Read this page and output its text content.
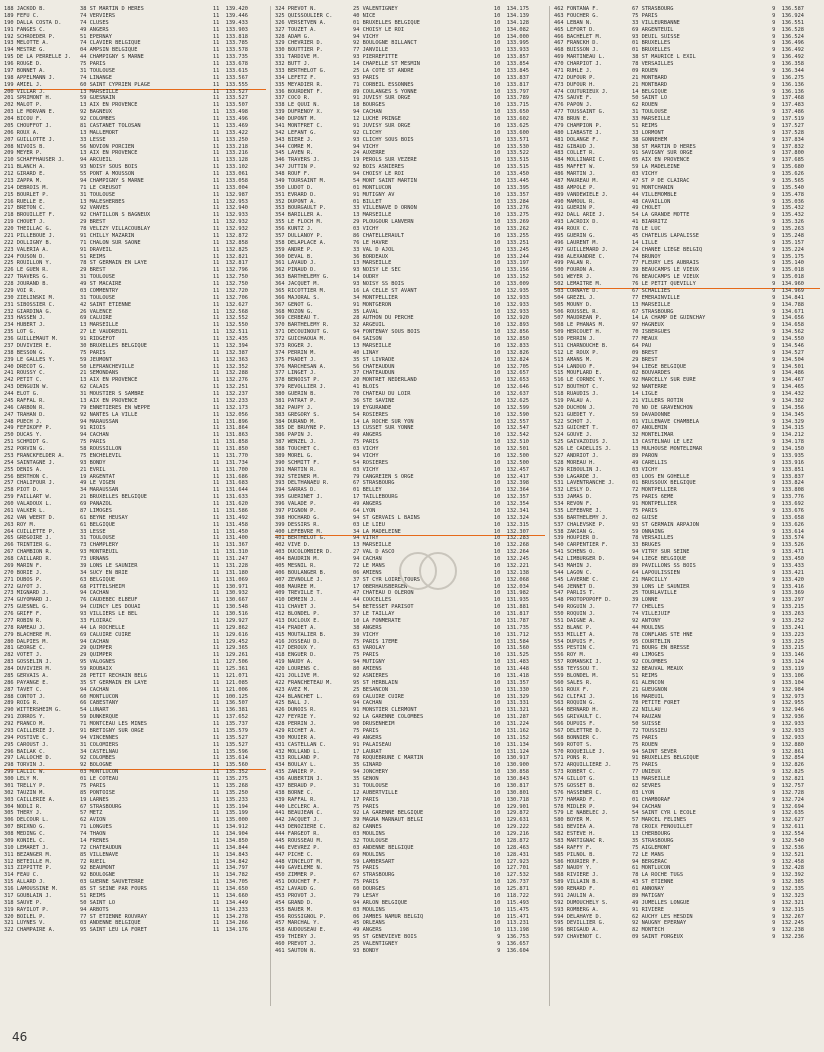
188 JACKOD B.	38 ST MARTIN D HERES	11  139.420
189 FEFU C.	74 VERVIERS	11  139.446
190 DALLA COSTA D.	74 CLUSES	11  139.433
191 FANGES C.	49 ANGERS	11  133.903
192 SCHROEDER P.	51 EPERNAY	11  133.818
193 MELOTTE A.	74 CLAVIER BELGIQUE	11  133.785
194 MESTRE G.	04 AMPSIN BELGIQUE	11  133.578
195 DE LA PERRELLE J. 44 CHAMPIGNY S MARNE	11  133.735
196 ROUGE D.	75 PARIS	11  133.678
197 BONNET A.	31 TOULOUSE	11  133.615
198 APPELMANN J.	74 LINANGE	11  133.567
199 AMIEL J.	60 SAINT CYPRIEN PLAGE	11  133.555
200 VILLAR J.	13 MARSEILLE	11  133.527
201 SPRIMONT H.	59 GUESNAIN	11  133.527
202 MALOT P.	13 AIX EN PROVENCE	11  133.507
203 LE MORVAN E.	92 BAGNEUX	11  133.498
204 BICOU F.	92 COLOMBES	11  133.496
205 CHOUFFOT J.	81 CASTANET TOLOSAN	11  133.469
206 ROUX A.	13 MALLEMORT	11  133.422
207 GUILLOTTE J.	33 LESSE	11  133.250
208 NIVOIS B.	56 NOVION PORCIEN	11  133.218
209 MEYER P.	13 AIX EN PROVENCE	11  133.216
210 SCHAFFHAUSER J.	94 ARCUEIL	11  133.128
211 BLANCH A.	93 NOISY SOUS BOIS	11  133.102
212 GIRARD E.	55 PONT A MOUSSON	11  133.061
213 ZAPPA M.	94 CHAMPIGNY S MARNE	11  133.058
214 DEBROIS M.	71 LE CREUSOT	11  133.004
215 BOURLET P.	31 TOULOUSE	11  132.987
216 RUELLE E.	13 MALESHERBES	11  132.953
217 BRETON C.	92 VANVES	11  132.940
218 BROUILLET F.	92 CHATILLON S BAGNEUX	11  132.933
219 CHOUET J.	29 BREST	11  132.932
220 THEILLAC G.	78 VELIZY VILLACOUBLAY	11  132.932
221 PILLEBOUE J.	91 CHILLY MAZARIN	11  132.872
222 DOLLIGNY B.	71 CHALON SUR SAONE	11  132.858
223 VALERIA A.	91 DRAVEIL	11  132.825
224 FOUSON D.	51 REIMS	11  132.821
225 ROUILLON Y.	78 ST GERMAIN EN LAYE	11  132.817
226 LE GUEN R.	29 BREST	11  132.796
227 TRAVERS G.	31 TOULOUSE	11  132.750
228 JOURAND B.	49 ST MACAIRE	11  132.750
229 VOI R.	03 COMMENTRY	11  132.720
230 ZIELINSKI M.	31 TOULOUSE	11  132.706
231 SIBOSSIER C.	42 SAINT ETIENNE	11  132.627
232 GIARDINA G.	26 VALENCE	11  132.568
233 HASSEN J.	69 CALUIRE	11  132.552
234 HUBERT J.	13 MARSEILLE	11  132.550
235 LOT G.	27 LE VAUDREUIL	11  132.511
236 GUILLEMAUT M.	91 RIDGEFOT	11  132.435
237 DUVIVIER E.	30 BRUXELLES BELGIQUE	11  132.394
238 BESSON G.	75 PARIS	11  132.387
239 LE GALLES Y.	59 JEUMONT	11  132.363
240 DRECOT G.	50 LEFRANCHEVILLE	11  132.352
241 ROUSSY C.	21 SEMONDANS	11  132.288
242 PETIT C.	13 AIX EN PROVENCE	11  132.276
243 DENGUIN W.	62 CALAIS	11  132.251
244 ELOT G.	31 MOUSTIER S SAMBRE	11  132.237
245 RAFFAL R.	13 AIX EN PROVENCE	11  132.233
246 CARBON R.	79 ENNETIERES EN WEPPE	11  132.173
247 TRAHAN D.	92 NANTES LA VILLE	11  132.056
248 PUECH J.	94 MARAUSSAN	11  131.896
249 FEFIKOFF P.	91 RIOIS	11  131.864
250 DUCAS Y.	94 CACHAN	11  131.863
251 SCHMIDT G.	75 PARIS	11  131.858
252 PORVIN G.	58 ROUSSILLON	11  131.850
253 FRANCKFELDER A.	75 ENCHELEVIL	11  131.770
254 SAINTAGNE J.	93 BONDY	11  131.734
255 DENIS A.	21 EVRIL	11  131.700
256 BERTHON C.	19 ARGENTAT	11  131.686
257 CHALIFOUR J.	49 LE VIGEN	11  131.683
258 PIOT D.	34 MARAUSSAN	11  131.644
259 FAILLART W.	21 BRUXELLES BELGIQUE	11  131.633
260 VALADOUX L.	69 PANAZOL	11  131.620
261 VALKER L.	87 LIMOGES	11  131.586
262 VAN WEERT D.	61 BEYNE HEUSAY	11  131.492
263 ROY M.	61 BELGIQUE	11  131.458
264 CUILLETTE P.	33 LESSE	11  131.450
265 GREGOIRE J.	31 TOULOUSE	11  131.400
266 TRINTIER G.	73 CHAMPLERY	11  131.367
267 CHAMBION R.	93 MONTREUIL	11  131.310
268 CAILLARD R.	73 URNANS	11  131.247
269 MARIN F.	39 LONS LE SAUNIER	11  131.228
270 BORIE J.	34 SUCY EN BRIE	11  131.180
271 DUBOS P.	63 BELGIQUE	11  131.069
272 GUYOT J.	68 PITTELSHEIM	11  130.971
273 MIGNARD J.	94 CACHAN	11  130.932
274 GUYOMARD J.	76 CAUDEBEC ELBEUF	11  130.667
275 GUESNEL G.	94 CUINCY LES DOUAI	11  130.548
276 GRIFF F.	93 VILLIERS LE BEL	11  130.516
277 ROBIN R.	33 FLOIRAC	11  129.927
278 RAMEAU J.	44 LA ROCHELLE	11  129.862
279 BLACHERE M.	69 CALUIRE CUIRE	11  129.616
280 DALPIES M.	94 CACHAN	11  129.452
281 GEORGE C.	29 QUIMPER	11  129.365
282 VOTET J.	29 QUIMPER	11  129.261
283 GOSSELIN J.	95 VALOGNES	11  127.506
284 DUVIVIER M.	59 ROUBAIX	11  125.361
285 GERVAIS A.	28 PETIT RECHAIN BELG	11  121.071
286 PAYANGE E.	35 ST GERMAIN EN LAYE	11  121.085
287 TAVET C.	94 CACHAN	11  121.006
288 CONTOT J.	60 MONTLUCON	11  100.125
289 ROIG R.	66 CABESTANY	11  136.507
290 WITTERSHEIM G.	54 LUNART	11  136.381
291 ZORROS Y.	59 DUNKERQUE	11  137.652
292 FRANCO M.	71 MONTCEAU LES MINES	11  135.737
293 CAILLERIE J.	91 BRETIGNY SUR ORGE	11  135.579
294 POSTIVE C.	94 VINCENNES	11  135.527
295 CAROUST J.	31 COLOMIERS	11  135.527
296 BAILAK C.	34 CASTELNAU	11  135.596
297 LALLOCHE D.	92 COLOMBES	11  135.614
298 TORVIN J.	92 BOLOGNE	11  135.560
299 LALLIC W.	03 MONTLUCON	11  135.352
300 LELY M.	01 LE COTEAU	11  135.275
301 TRELLY P.	75 PARIS	11  135.268
302 TAUZIN M.	85 PONTOISE	11  135.250
303 CAILLERIE A.	19 LARNES	11  135.233
304 NODLI R.	67 STRASBOURG	11  135.194
305 THERY J.	57 METZ	11  135.199
306 DELCOUR L.	62 AVION	11  135.000
307 BRIXNO G.	71 LONGUES	11  134.912
308 MEDING C.	74 THAON	11  134.904
309 KONIEL C.	14 FRENES	11  134.850
310 LEMARET J.	72 CHATEAUDUN	11  134.844
311 BEZANGER M.	85 VILLENAVE	11  134.843
312 BETEILLE M.	72 RUEIL	11  134.842
313 ZIPPITTE P.	92 BEAUMONT	11  134.797
314 FEAU C.	92 BOULOGNE	11  134.782
315 ALLARD J.	03 GUERNE SAUVETERRE	11  134.705
316 LAMOUSSINE M.	85 ST SEINE PAR FOURS	11  134.650
317 GOUBLAIN J.	51 REIMS	11  134.660
318 SAUVE P.	50 SAINT LO	11  134.449
319 RAYILOT P.	94 ARBOTS	11  134.233
320 BOILEL P.	77 ST ETIENNE ROUVRAY	11  134.278
321 LUYNES V.	03 ANDENNE BELGIQUE	11  134.266
322 CHAMPAIRE A.	95 SAINT LEU LA FORET	11  134.176
324 PREVOT N.	25 VALENTIGNEY	10  134.175
325 QUISSOULIER C.	40 NICE	10  134.139
326 VERSETVEN A.	01 BRUXELLES BELGIQUE	10  134.128
327 TOUZET A.	94 CHOISY LE ROI	10  134.082
328 ADAM G.	94 VICHY	10  134.000
329 CHEVRIER D.	92 BOULOGNE BILLANCT	10  133.995
330 BOUTTIER P.	77 JANVILLE	10  133.933
331 TARDIVE M.	93 PIERREFITTE	10  133.857
332 BUTT J.	14 CHAPELLE ST MESMIN	10  133.854
333 BERTHELOT G.	25 LA COTE ST ANDRE	10  133.845
334 LEFETZ F.	93 PARIS	10  133.837
335 MEYADIER R.	71 CORBEIL ESSONNES	10  133.817
336 BOURDENT F.	89 COULANGES S YONNE	10  133.797
337 COCO R.	91 JUVISY SUR ORGE	10  133.789
338 LE QUUI N.	18 BOURGES	10  133.715
339 DUFRENOY X.	94 CACHAN	10  133.650
340 DUPONT M.	12 LUCHE PRINGE	10  133.602
341 MONTFRET C.	91 JUVISY SUR ORGE	10  133.625
342 LEFANT G.	92 CLICHY	10  133.600
343 BIERE J.	93 CLICHY SOUS BOIS	10  133.571
344 COMRE M.	94 VICHY	10  133.530
345 LAVEN R.	24 AUXERRE	10  133.522
346 TRAVERS J.	19 PEROLS SUR VEZERE	10  133.515
347 JUTTIN P.	92 BOIS ASNIERES	10  133.515
348 ROUF F.	94 CHOISY LE ROI	10  133.450
349 TOURSAINT M.	54 MONT SAINT MARTIN	10  133.445
350 LUDOT D.	01 MONTLUCON	10  133.395
351 EVRARD D.	91 MUTIGNY AV	10  133.357
352 DUPONT A.	01 BILLET	10  133.284
353 BOURGAULT P.	33 VILLENAVE D ORNON	10  133.276
354 BARILLER A.	13 MARSEILLE	10  133.275
355 LE FLOCH M.	29 PLOUGOUR LANVERN	10  133.269
356 KUNTZ J.	03 VICHY	10  133.262
357 DULLANOY P.	86 CHATELLERAULT	10  133.255
358 DELAPLACE A.	76 LE HAVRE	10  133.251
359 ANDRE P.	33 VAL D AJOL	10  133.245
360 DEVAL B.	36 BORDEAUX	10  133.244
361 LAVAUD J.	13 MARSEILLE	10  133.197
362 PINAUD D.	93 NOISY LE SEC	10  133.156
363 BARTHELEMY G.	14 OUDRY	10  133.152
364 JACQUET M.	93 NOISY SS BOIS	10  133.009
365 RICOTTIER M.	16 LA CELLE ST AVANT	10  132.935
366 MAJORAL S.	34 MONTPELLIER	10  132.933
367 GENOT G.	91 MONTGERON	10  132.933
368 MOZON G.	35 LAVAL	10  132.933
369 CERBEAU T.	28 AUTHON DU PERCHE	10  132.920
370 BARTHELEMY R.	32 ARGEUIL	10  132.893
371 DECOUINOUT G.	94 FONTENAY SOUS BOIS	10  132.856
372 GUICHAOUA M.	04 SAISON	10  132.850
373 ROGER J.	13 MARSEILLE	10  132.833
374 PERRIN M.	40 LINAY	10  132.826
375 FRADET J.	35 ST LIVRADE	10  132.824
376 MARCHESAN A.	56 CHATEAUDUN	10  132.705
377 LINGET J.	37 CHATEAUDUN	10  132.657
378 BENOIST P.	20 MONTRET NEDERLAND	10  132.653
379 REVOLLIER J.	41 BLOIS	10  132.646
380 GUERIN B.	70 CHATEAU DU LOIR	10  132.637
381 PATRAT P.	36 STE SAVINE	10  132.625
382 PAUPY J.	19 EYGURANDE	10  132.599
383 GREGORY S.	54 ROSIERES	10  132.590
384 DURAND M.	14 LA ROCHE SUR YON	10  132.557
385 DE BRUYNE P.	13 CUSSET SUR YONNE	10  132.547
386 PAPIN J.	49 ANGERS	10  132.542
387 WENZEL J.	75 PARIS	10  132.510
388 TOUCHET C.	03 VICHY	10  132.501
389 MOREL G.	94 VICHY	10  132.500
390 SCHMITT F.	54 ROSIERES	10  132.500
391 MARTIN R.	03 VICHY	10  132.457
392 STEINER M.	79 CANGREIEN S ORGE	10  132.417
393 DELTHANAEU R.	67 STRASBOURG	10  132.398
394 SARRAS D.	01 BELLEY	10  132.364
395 GUERINET J.	17 TAILLEBOURG	10  132.357
396 VALADE P.	49 ANGERS	10  132.354
397 PIGNON P.	64 LYON	10  132.341
398 HOCHARD G.	94 ST GERVAIS L BAINS	10  132.324
399 DESSIRS R.	03 LE LIEU	10  132.315
400 LEFEBVRE M.	34 LA MADELEINE	10  132.307
401 BERTHELOT G.	94 VITRY	10  132.283
402 VIVE D.	13 MARSEILLE	10  132.268
403 DUCOLOMBIER D.	27 VAL D ASCO	10  132.264
404 BAUDRIN M.	94 CACHAN	10  132.245
405 MESNIL R.	72 LE MANS	10  132.221
406 BOULANGER B.	06 AMIENS	10  132.138
407 ZEVNOLLE J.	37 ST CYR LOIRE TOURS	10  132.068
408 MAUREE M.	17 OBERHAUSBERGEN	10  132.034
409 TREVILLE T.	47 CHATEAU D OLERON	10  131.982
410 DEMEIN J.	44 COUCELLES	10  131.935
411 CHAVET J.	54 BETESSET PARISOT	10  131.881
412 BLONDEL P.	37 LE TAILLAY	10  131.817
413 DUCLOUX E.	10 LA FONMERATE	10  131.787
414 FRADET A.	38 ANGERS	10  131.735
415 MOUTALIER B.	39 VICHY	10  131.712
416 JOSSEAU D.	75 PARIS 17EME	10  131.584
417 DEROUX Y.	63 VAROLAY	10  131.560
418 ENGUER D.	75 PARIS	10  131.525
419 NAUDY A.	94 MUTIGNY	10  131.483
420 LOURENS C.	80 AMIENS	10  131.448
421 JOLLIVE M.	92 ASNIERES	10  131.418
422 FRANCHETEAU M.	95 ST HERBLAIN	10  131.357
423 AVEZ M.	25 BESANCON	10  131.330
424 BLANCHET L.	69 CALUIRE CUIRE	10  131.329
425 BALL J.	94 CACHAN	10  131.331
426 DUNOIS R.	91 MONSTIER CLERMONT	10  131.321
427 FEYRIE Y.	92 LA GARENNE COLOMBES	10  131.287
428 PERRIN J.	90 DRUSENHEIM	10  131.224
429 RICHET A.	75 PARIS	10  131.162
430 MOUIER A.	49 ANGERS	10  131.152
431 CASTELLAN C.	91 PALAISEAU	10  131.134
432 MOLLAND L.	17 LAURAT	10  131.124
433 ROLLAND P.	78 ROQUEBRUNE C MARTIN	10  130.917
434 BOULAY L.	35 GINARD	10  130.900
435 ZANIER P.	94 JONCHERY	10  130.858
436 AUBERTIN J.	35 GENON	10  130.843
437 BERAUD P.	31 TOULOUSE	10  130.817
438 BORNE C.	12 AUBERTVILLE	10  130.801
439 RAFFAL R.	17 PARIS	10  130.718
440 LECLERC A.	75 PARIS	10  129.901
441 BEAUJEAN C.	92 LA GARENNE BELGIQUE	10  129.872
442 JACQUET J.	39 MAGNA MARNAUT BELGI	10  129.631
443 DENOZIERE C.	82 CANNES	10  129.222
444 FARGEOT R.	03 MOULINS	10  129.216
445 ROUSSEAU M.	32 TOULOUSE	10  128.872
446 EVEVREZ P.	03 ANDENNE BELGIQUE	10  128.463
447 PICHE C.	69 MOULINS	10  128.431
448 VINCELOT M.	59 LAMBERSART	10  127.923
449 GAVELEME N.	75 PARIS	10  127.701
450 ZIMMER P.	67 STRASBOURG	10  127.532
451 DOUCHET F.	75 PARIS	10  126.737
452 LAVAUD G.	60 DOURGES	10  125.871
453 PROVOT J.	79 LESAY	10  118.722
454 GRAND D.	94 ARLON BELGIQUE	10  115.493
455 BAUER M.	03 MOULINS	10  115.475
456 ROSSIGNOL P.	06 JAMBES NAMUR BELGIQ	10  115.471
457 MARCHAL Y.	45 ORLEANS	10  113.231
458 AUDOUSEAU E.	49 ANGERS	10  113.198
459 THIERY J.	95 ST GENEVIEVE BOIS	9  136.753
460 PREVOT J.	25 VALENTIGNEY	9  136.657
461 SAUTON N.	93 BONDY	9  136.604
462 FONTANA F.	67 STRASBOURG	9  136.587
463 FOUCHER G.	75 PARIS	9  136.924
464 LEBAN N.	33 VILLEURBANNE	9  136.551
465 LEFORT D.	69 ARGENTEUIL	9  136.528
466 BACHELET M.	93 DEUIL SUISSE	9  136.524
467 FRANCKH D.	01 BRUXELLES	9  136.496
468 BUISSON J.	01 BRUXELLES	9  136.492
469 MARTINEAU L.	38 ST MAURICE L EXIL	9  136.492
470 CHARPIOT J.	78 VERSAILLES	9  136.358
471 RUHLE J.	09 ROUEN	9  136.344
472 DUFOUR P.	21 MONTBARD	9  136.275
473 DUFOUR H.	21 MONTBARD	9  136.136
474 COUTURIEUX J.	14 BELGIQUE	9  136.136
475 SAUVE F.	50 SAINT LO	9  137.468
476 PAPON J.	62 ROUEN	9  137.483
477 TOUSSAINT G.	31 TOULOUSE	9  137.486
478 BRUN E.	33 MARSEILLE	9  137.519
479 CHAMPION P.	51 REIMS	9  137.527
480 LIABASTE J.	33 LORMONT	9  137.528
481 DOLANGE F.	38 GONNEHEM	9  137.834
482 GIBAUD J.	38 ST MARTIN D HERES	9  137.832
483 COLLET R.	91 SAVIGNY SUR ORGE	9  137.800
484 MOLLINARI C.	05 AIX EN PROVENCE	9  137.685
485 MAFFET W.	59 LA MADELEINE	9  135.680
486 MARTIN J.	03 VICHY	9  135.626
487 MAUREAU M.	47 ST P DE CLAIRAC	9  135.565
488 AMPOLE P.	91 MONTCHANIN	9  135.540
489 VANDEWIELE J.	44 VILLEMOMBLE	9  135.478
490 MAMOUL R.	48 CAVAILLON	9  135.036
491 GUERIN P.	49 CHOLET	9  135.432
492 DALL ARIE J.	54 LA GRANDE MOTTE	9  135.432
493 LACROIX D.	41 BIARRITZ	9  135.326
494 ROUX C.	78 LE LUC	9  135.263
495 GUERIN G.	45 CHATELUS LAPALISSE	9  135.248
496 LAURENT M.	14 LILLE	9  135.157
497 GUILLEMARD J.	24 CHANEE LIEGE BELGIQ	9  135.224
498 ALEXANDRE C.	74 BRUNOY	9  135.175
499 PALAN R.	77 FLEURY LES AUBRAIS	9  135.140
500 FOURON A.	39 BEAUCAMPS LE VIEUX	9  135.018
501 WEYER J.	76 BEAUCAMPS LE VIEUX	9  135.018
502 LEMAITRE M.	76 LE PETIT QUEVILLY	9  134.960
503 CORNAYE D.	67 SCHALLIES	9  134.969
504 GREZEL J.	77 EMERAINVILLE	9  134.841
505 MOUNY D.	13 MARSEILLE	9  134.788
506 ROUSSEL R.	67 STRASBOURG	9  134.671
507 MAUDREAN P.	14 LA CHAMP DE GUINCHAY	9  134.656
508 LE PHANAS M.	97 HAGNEUX	9  134.658
509 HERCOUET H.	70 ISBERGUES	9  134.562
510 PERRIN J.	77 MEAUX	9  134.550
511 CHARNOUCHE B.	64 PAU	9  134.546
512 LE ROUX P.	09 BREST	9  134.527
513 AMANS M.	29 BREST	9  134.504
514 LANDUO F.	94 LIEGE BELGIQUE	9  134.501
515 MOUFLARD E.	02 BOUVARDES	9  134.486
516 LE CORNEC Y.	92 MARCELLY SUR EURE	9  134.467
517 BOUTHOT C.	92 NANTERRE	9  134.465
518 RUAUDIS J.	14 LIGLE	9  134.432
519 PALAU A.	21 VILLERS ROTIN	9  134.382
520 DUCHON J.	70 NO DE GRAVENCHON	9  134.356
521 GUEDET Y.	59 DAVADONNE	9  134.345
522 SCHOT J.	01 VILLENAVE CHAMBELA	9  134.329
523 GUICHET T.	07 ANOLEMIN	9  134.315
524 GOUVE J.	32 MONTELIMAR	9  134.212
525 GAIVAZOIUS J.	13 CASTELNAU LE LEZ	9  134.178
526 LE CADELLIS J.	13 MULHOUSE MONTELIMAR	9  134.150
527 ANDRIOT J.	89 PARON	9  133.935
528 MOREAU H.	49 CARELLIS	9  133.916
529 RIBOULIN J.	03 VICHY	9  133.851
530 LAGARDE J.	03 LOOS EN GOHELLE	9  133.837
531 LAVENTRANCHE J.	01 BRUSSOUX BELGIQUE	9  133.824
532 LESLY D.	72 MONTPELLIER	9  133.808
533 JAMAS D.	75 PARIS 6EME	9  133.776
534 REVON F.	91 MONTPELLIER	9  133.692
535 LEFEBVRE J.	75 PARIS	9  133.676
536 BARTHELEMY J.	02 GUISE	9  133.658
537 CHALEVSKE P.	93 ST GERMAIN ARPAJON	9  133.626
538 ZAKIAN G.	59 ONNAING	9  133.614
539 HOUPIER D.	78 VERSAILLES	9  133.574
540 CARPENTIER F.	33 BRUGES	9  133.526
541 SCHENS O.	94 VITRY SUR SEINE	9  133.471
542 LIMBURGER D.	94 LIEGE BELGIQUE	9  133.450
543 MAHIN J.	89 PAVILLONS SS BOIS	9  133.433
544 LAGON C.	64 LAPOULISSIEN	9  133.421
545 LAVERNE C.	21 MARCILLY	9  133.420
546 JENNET D.	39 LONS LE SAUNIER	9  133.416
547 PARLIS T.	25 TOURLAVILLE	9  133.369
548 PROTOPOPOFF D.	39 LONNE	9  133.297
549 ROGUIN J.	77 CHELLES	9  133.215
550 ROQUIN J.	74 VILLEJUIF	9  133.263
551 DAIGNE A.	92 ANTONY	9  133.252
552 BLANC P.	44 MOULINS	9  133.241
553 MILLET A.	78 CONFLANS STE HNE	9  133.223
554 DUPUIS F.	95 COURTELIN	9  133.225
555 PESTIN C.	71 BOURG EN BRESSE	9  133.215
556 ROY M.	49 LIMOGES	9  133.146
557 ROMANSKI J.	92 COLOMBES	9  133.124
558 TEYSSOU T.	32 BEAUVAL MEAUX	9  133.119
559 BLONDEL M.	51 REIMS	9  133.106
560 SALES R.	61 ALENCON	9  133.104
561 ROUX F.	21 GUEUGNON	9  132.984
562 CLIFAI J.	16 MAREUIL	9  132.973
563 ROQUIN G.	78 PETITE FORET	9  132.955
564 BERNARD H.	22 NILLAU	9  132.946
565 GRIVAULT C.	74 RAUZAN	9  132.936
566 DUPUIS F.	50 SUISSE	9  132.933
567 DELETTRE D.	72 TOUSSIEU	9  132.933
568 BONNIER C.	75 PARIS	9  132.933
569 ROTOT S.	75 ROUEN	9  132.880
570 ROQUEILLE J.	94 SAINT SEVER	9  132.861
571 PONS R.	91 BRUXELLES BELGIQUE	9  132.854
572 ARQUILLIERE J.	75 PARIS	9  132.826
573 ROBERT C.	77 UNIEUX	9  132.825
574 GILLOT G.	13 MARSEILLE	9  132.821
575 GOSSET B.	02 SEVRES	9  132.757
576 HASSENER C.	03 LYON	9  132.728
577 HAMARD F.	01 CHAMBORAF	9  132.724
578 MIDLER P.	94 CACHAN	9  132.694
579 LE NABELEC J.	54 SAINT CYR L ECOLE	9  132.635
580 BOYER M.	57 MARCEL FELINES	9  132.627
581 BEVIEA A.	78 CROIX FENOUILLET	9  132.611
582 ESTEVE H.	13 CHERBOURG	9  132.554
583 MARTIGNAC R.	35 STRASBOURG	9  132.540
584 RAFFY F.	75 AIGLEMONT	9  132.536
585 PILNOL B.	72 LE MANS	9  132.521
586 HOURIER F.	94 BERGERAC	9  132.458
587 NAUDY Y.	61 MONTLUCON	9  132.428
588 RIVIERE J.	78 LA ROCHE TUGS	9  132.392
589 VILLAIN B.	43 ST ETIENNE	9  132.385
590 RENARD F.	01 ANNONAY	9  132.335
591 JAULIN A.	89 MATIGNY	9  132.323
592 DUMOUCHELY S.	49 JUMELLES LONGUE	9  132.321
593 ROMBERG A.	91 RIVIERE	9  132.315
594 DELAHAYE D.	62 AUCHY LES HESDIN	9  132.267
595 DEVILLIER G.	92 NAUGNY EPERNAY	9  132.245
596 BRIGAUD A.	82 MONTECH	9  132.238
597 CHAVENOT C.	09 SAINT FORGEUX	9  132.236
46
